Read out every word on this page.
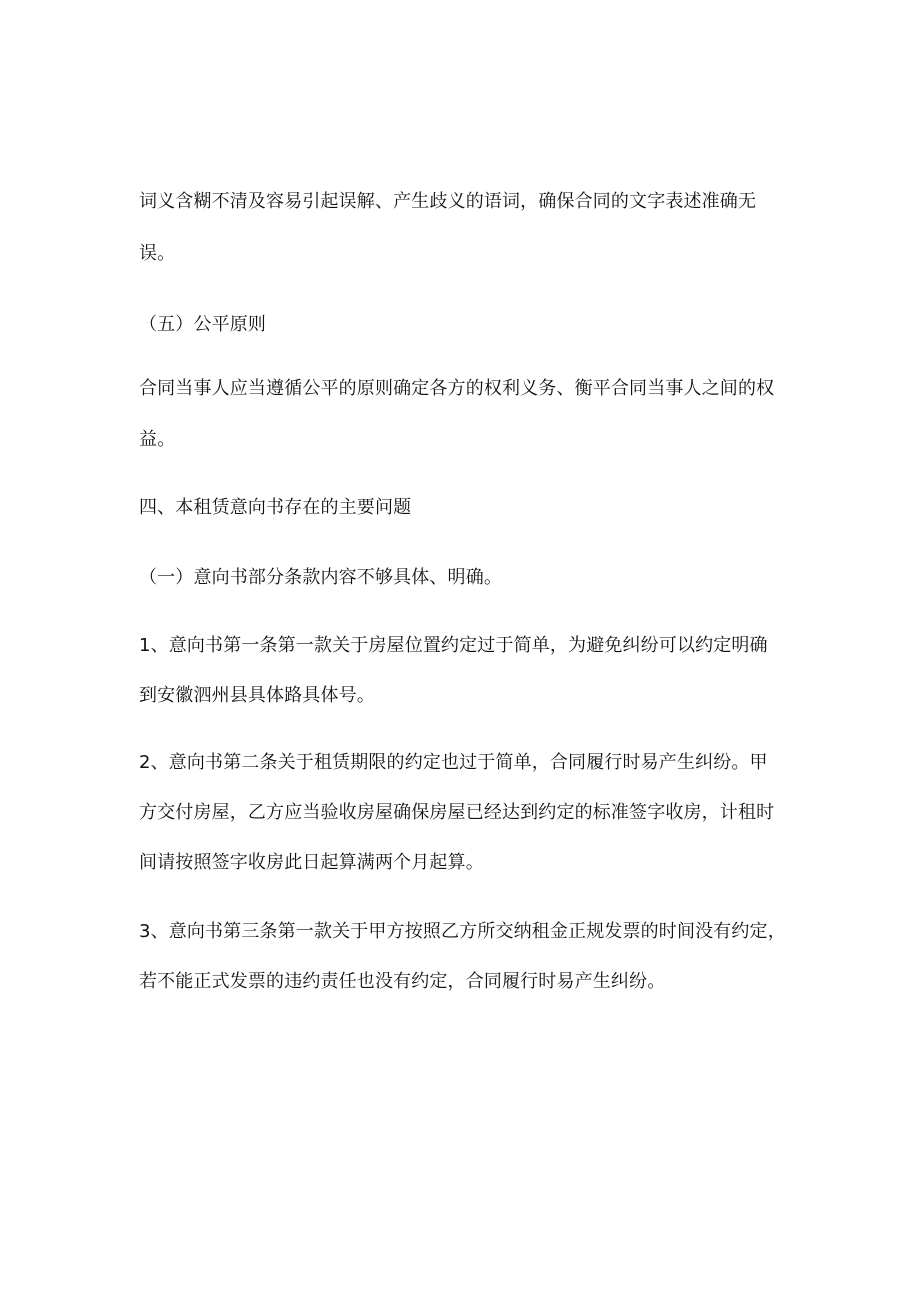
词义含糊不清及容易引起误解、产生歧义的语词，确保合同的文字表述准确无

误。

（五）公平原则

合同当事人应当遵循公平的原则确定各方的权利义务、衡平合同当事人之间的权

益。

四、本租赁意向书存在的主要问题

（一）意向书部分条款内容不够具体、明确。

1、意向书第一条第一款关于房屋位置约定过于简单，为避免纠纷可以约定明确

到安徽泗州县具体路具体号。

2、意向书第二条关于租赁期限的约定也过于简单，合同履行时易产生纠纷。甲

方交付房屋，乙方应当验收房屋确保房屋已经达到约定的标准签字收房，计租时

间请按照签字收房此日起算满两个月起算。

3、意向书第三条第一款关于甲方按照乙方所交纳租金正规发票的时间没有约定，

若不能正式发票的违约责任也没有约定，合同履行时易产生纠纷。
